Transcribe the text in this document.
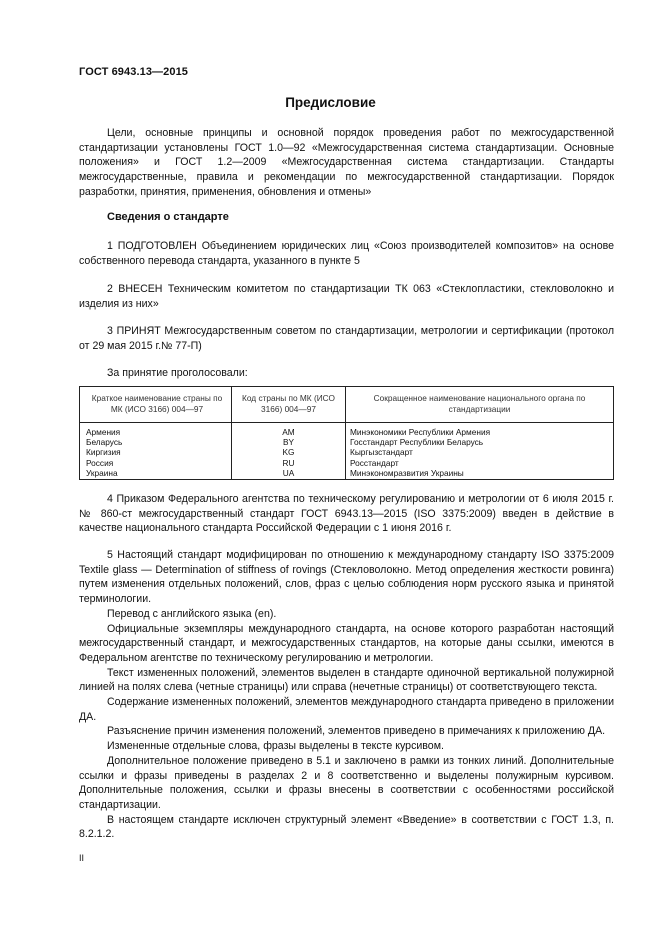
ГОСТ 6943.13—2015
Предисловие

Цели, основные принципы и основной порядок проведения работ по межгосударственной стандартизации установлены ГОСТ 1.0—92 «Межгосударственная система стандартизации. Основные положения» и ГОСТ 1.2—2009 «Межгосударственная система стандартизации. Стандарты межгосударственные, правила и рекомендации по межгосударственной стандартизации. Порядок разработки, принятия, применения, обновления и отмены»

Сведения о стандарте

1 ПОДГОТОВЛЕН Объединением юридических лиц «Союз производителей композитов» на основе собственного перевода стандарта, указанного в пункте 5

2 ВНЕСЕН Техническим комитетом по стандартизации ТК 063 «Стеклопластики, стекловолокно и изделия из них»

3 ПРИНЯТ Межгосударственным советом по стандартизации, метрологии и сертификации (протокол от 29 мая 2015 г.№ 77-П)

За принятие проголосовали:

Краткое наименование страны по МК (ИСО 3166) 004—97	Код страны по МК (ИСО 3166) 004—97	Сокращенное наименование национального органа по стандартизации
Армения	AM	Минэкономики Республики Армения
Беларусь	BY	Госстандарт Республики Беларусь
Киргизия	KG	Кыргызстандарт
Россия	RU	Росстандарт
Украина	UA	Минэкономразвития Украины

4 Приказом Федерального агентства по техническому регулированию и метрологии от 6 июля 2015 г. № 860-ст межгосударственный стандарт ГОСТ 6943.13—2015 (ISO 3375:2009) введен в действие в качестве национального стандарта Российской Федерации с 1 июня 2016 г.

5 Настоящий стандарт модифицирован по отношению к международному стандарту ISO 3375:2009 Textile glass — Determination of stiffness of rovings (Стекловолокно. Метод определения жесткости ровинга) путем изменения отдельных положений, слов, фраз с целью соблюдения норм русского языка и принятой терминологии.

Перевод с английского языка (en).

Официальные экземпляры международного стандарта, на основе которого разработан настоящий межгосударственный стандарт, и межгосударственных стандартов, на которые даны ссылки, имеются в Федеральном агентстве по техническому регулированию и метрологии.

Текст измененных положений, элементов выделен в стандарте одиночной вертикальной полужирной линией на полях слева (четные страницы) или справа (нечетные страницы) от соответствующего текста.

Содержание измененных положений, элементов международного стандарта приведено в приложении ДА.

Разъяснение причин изменения положений, элементов приведено в примечаниях к приложению ДА.

Измененные отдельные слова, фразы выделены в тексте курсивом.

Дополнительное положение приведено в 5.1 и заключено в рамки из тонких линий. Дополнительные ссылки и фразы приведены в разделах 2 и 8 соответственно и выделены полужирным курсивом. Дополнительные положения, ссылки и фразы внесены в соответствии с особенностями российской стандартизации.

В настоящем стандарте исключен структурный элемент «Введение» в соответствии с ГОСТ 1.3, п. 8.2.1.2.

II
